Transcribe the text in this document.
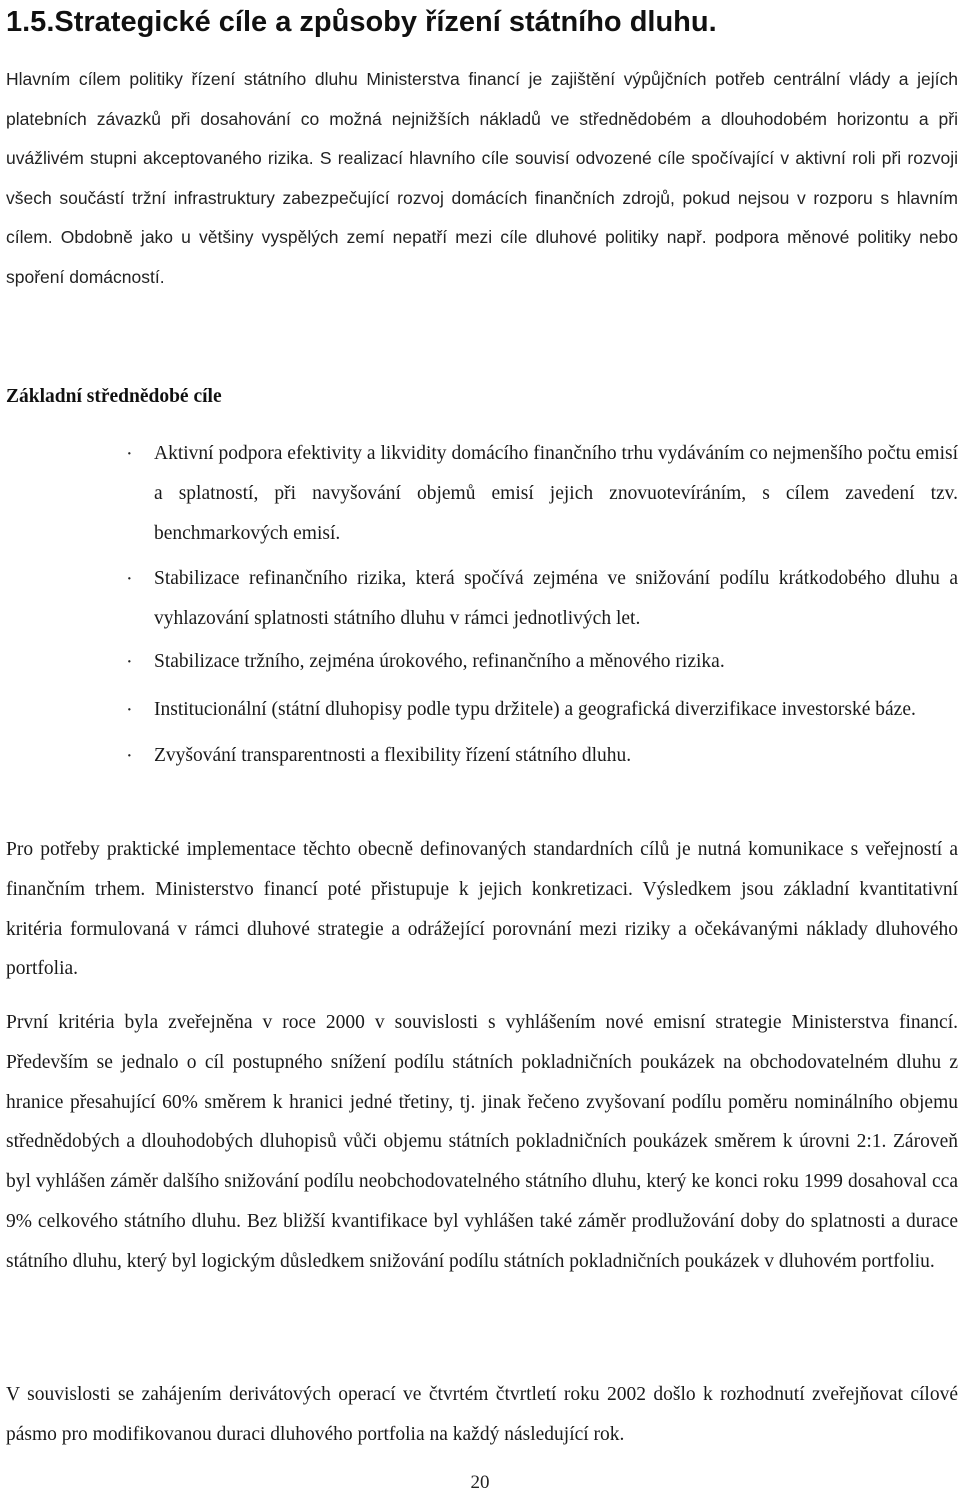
1.5.Strategické cíle a způsoby řízení státního dluhu.

Hlavním cílem politiky řízení státního dluhu Ministerstva financí je zajištění výpůjčních potřeb centrální vlády a jejích platebních závazků při dosahování co možná nejnižších nákladů ve střednědobém a dlouhodobém horizontu a při uvážlivém stupni akceptovaného rizika. S realizací hlavního cíle souvisí odvozené cíle spočívající v aktivní roli při rozvoji všech součástí tržní infrastruktury zabezpečující rozvoj domácích finančních zdrojů, pokud nejsou v rozporu s hlavním cílem. Obdobně jako u většiny vyspělých zemí nepatří mezi cíle dluhové politiky např. podpora měnové politiky nebo spoření domácností.

Základní střednědobé cíle
· Aktivní podpora efektivity a likvidity domácího finančního trhu vydáváním co nejmenšího počtu emisí a splatností, při navyšování objemů emisí jejich znovuotevíráním, s cílem zavedení tzv. benchmarkových emisí.
· Stabilizace refinančního rizika, která spočívá zejména ve snižování podílu krátkodobého dluhu a vyhlazování splatnosti státního dluhu v rámci jednotlivých let.
· Stabilizace tržního, zejména úrokového, refinančního a měnového rizika.
· Institucionální (státní dluhopisy podle typu držitele) a geografická diverzifikace investorské báze.
· Zvyšování transparentnosti a flexibility řízení státního dluhu.

Pro potřeby praktické implementace těchto obecně definovaných standardních cílů je nutná komunikace s veřejností a finančním trhem. Ministerstvo financí poté přistupuje k jejich konkretizaci. Výsledkem jsou základní kvantitativní kritéria formulovaná v rámci dluhové strategie a odrážející porovnání mezi riziky a očekávanými náklady dluhového portfolia.

První kritéria byla zveřejněna v roce 2000 v souvislosti s vyhlášením nové emisní strategie Ministerstva financí. Především se jednalo o cíl postupného snížení podílu státních pokladničních poukázek na obchodovatelném dluhu z hranice přesahující 60% směrem k hranici jedné třetiny, tj. jinak řečeno zvyšovaní podílu poměru nominálního objemu střednědobých a dlouhodobých dluhopisů vůči objemu státních pokladničních poukázek směrem k úrovni 2:1. Zároveň byl vyhlášen záměr dalšího snižování podílu neobchodovatelného státního dluhu, který ke konci roku 1999 dosahoval cca 9% celkového státního dluhu. Bez bližší kvantifikace byl vyhlášen také záměr prodlužování doby do splatnosti a durace státního dluhu, který byl logickým důsledkem snižování podílu státních pokladničních poukázek v dluhovém portfoliu.

V souvislosti se zahájením derivátových operací ve čtvrtém čtvrtletí roku 2002 došlo k rozhodnutí zveřejňovat cílové pásmo pro modifikovanou duraci dluhového portfolia na každý následující rok.

20
